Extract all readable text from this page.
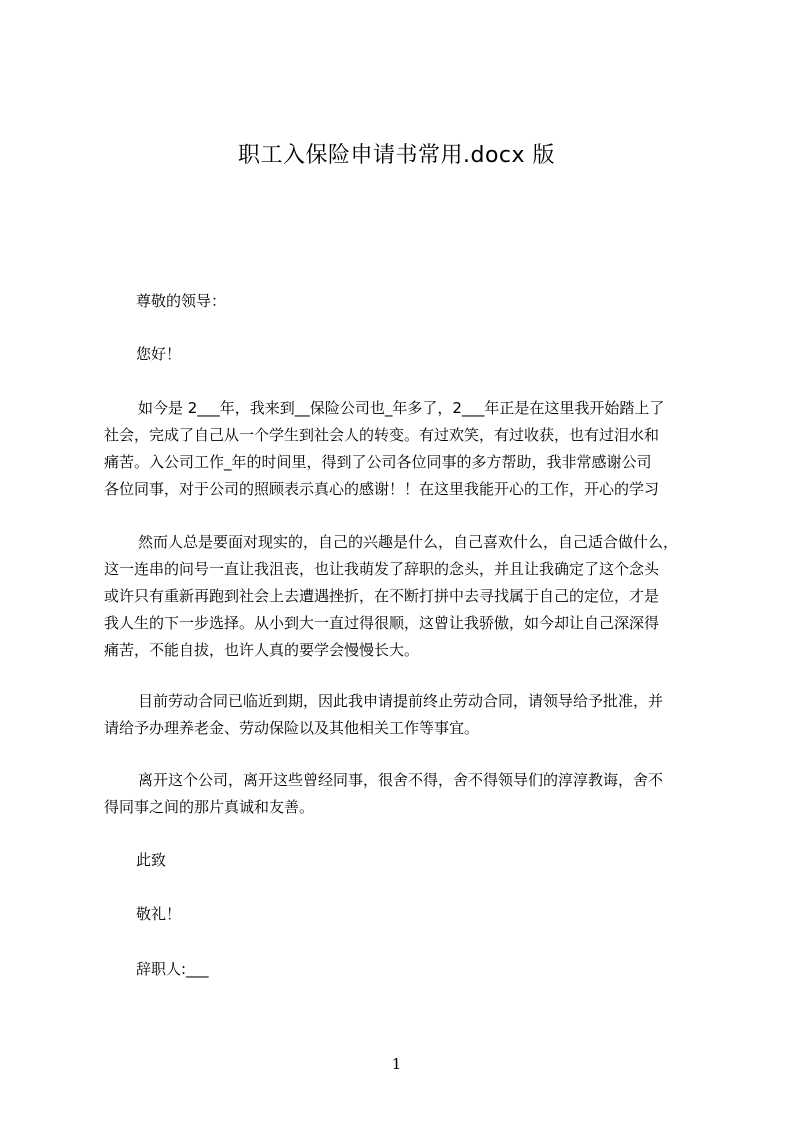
职工入保险申请书常用.docx 版

尊敬的领导：

您好！

如今是 2___年，我来到__保险公司也_年多了，2___年正是在这里我开始踏上了
社会，完成了自己从一个学生到社会人的转变。有过欢笑，有过收获，也有过泪水和
痛苦。入公司工作_年的时间里，得到了公司各位同事的多方帮助，我非常感谢公司
各位同事，对于公司的照顾表示真心的感谢！！在这里我能开心的工作，开心的学习
然而人总是要面对现实的，自己的兴趣是什么，自己喜欢什么，自己适合做什么，
这一连串的问号一直让我沮丧，也让我萌发了辞职的念头，并且让我确定了这个念头
或许只有重新再跑到社会上去遭遇挫折，在不断打拼中去寻找属于自己的定位，才是
我人生的下一步选择。从小到大一直过得很顺，这曾让我骄傲，如今却让自己深深得
痛苦，不能自拔，也许人真的要学会慢慢长大。
目前劳动合同已临近到期，因此我申请提前终止劳动合同，请领导给予批准，并
请给予办理养老金、劳动保险以及其他相关工作等事宜。
离开这个公司，离开这些曾经同事，很舍不得，舍不得领导们的淳淳教诲，舍不
得同事之间的那片真诚和友善。

此致

敬礼！

辞职人:___

1
